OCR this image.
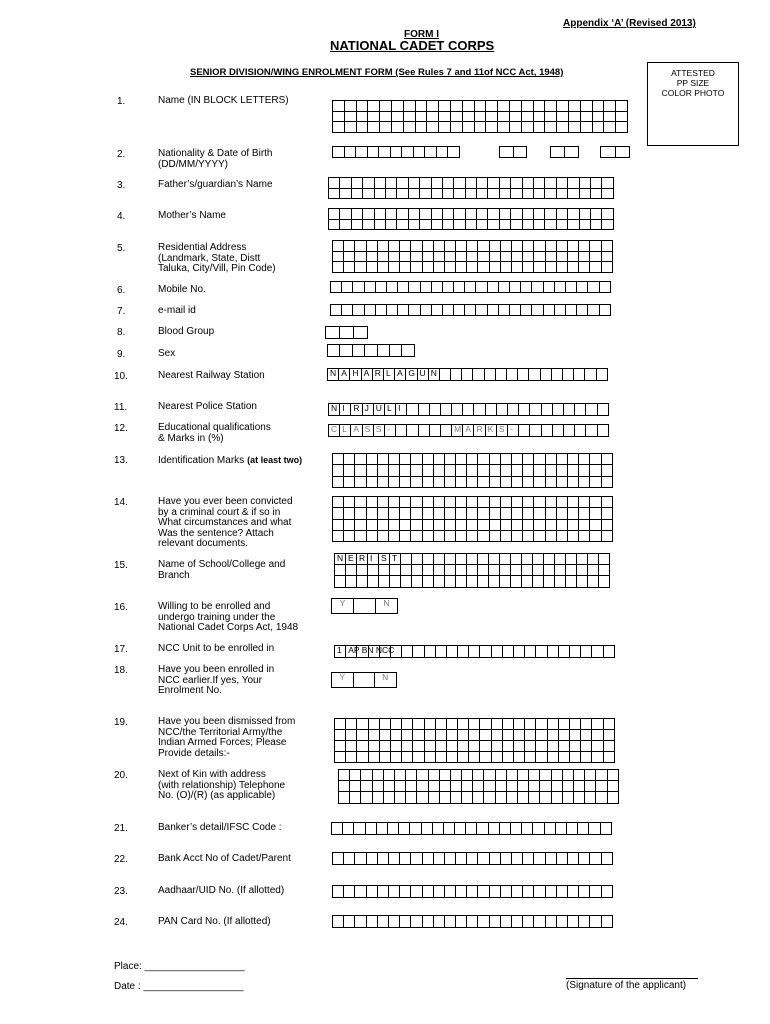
Appendix ‘A’ (Revised 2013)
FORM I
NATIONAL CADET CORPS
SENIOR DIVISION/WING ENROLMENT FORM (See Rules 7 and 11of NCC Act, 1948)	ATTESTED
PP SIZE
COLOR PHOTO
1.	Name (IN BLOCK LETTERS)
2.	Nationality & Date of Birth
(DD/MM/YYYY)
3.	Father’s/guardian’s Name
4.	Mother’s Name
5.	Residential Address
(Landmark, State, Distt
Taluka, City/Vill, Pin Code)
6.	Mobile No.
7.	e-mail id
8.	Blood Group
9.	Sex
10.	Nearest Railway Station	N A H A R L A G U N
11.	Nearest Police Station	N I	R J U L I
12.	Educational qualifications
& Marks in (%)
C L A S S -	M A R K S -
13.	Identification Marks (at least two)
14.	Have you ever been convicted
by a criminal court & if so in
What circumstances and what
Was the sentence? Attach
relevant documents.
15.	Name of School/College and
Branch
N E R I	S T
16.	Willing to be enrolled and
undergo training under the
National Cadet Corps Act, 1948
Y	N
17.	NCC Unit to be enrolled in	1 AP BN NCC
18.	Have you been enrolled in
NCC earlier.If yes, Your
Enrolment No.
Y	N
19.	Have you been dismissed from
NCC/the Territorial Army/the
Indian Armed Forces; Please
Provide details:-
20.	Next of Kin with address
(with relationship) Telephone
No. (O)/(R) (as applicable)
21.	Banker’s detail/IFSC Code :
22.	Bank Acct No of Cadet/Parent
23.	Aadhaar/UID No. (If allotted)
24.	PAN Card No. (If allotted)
Place: __________________
Date : __________________	(Signature of the applicant)
